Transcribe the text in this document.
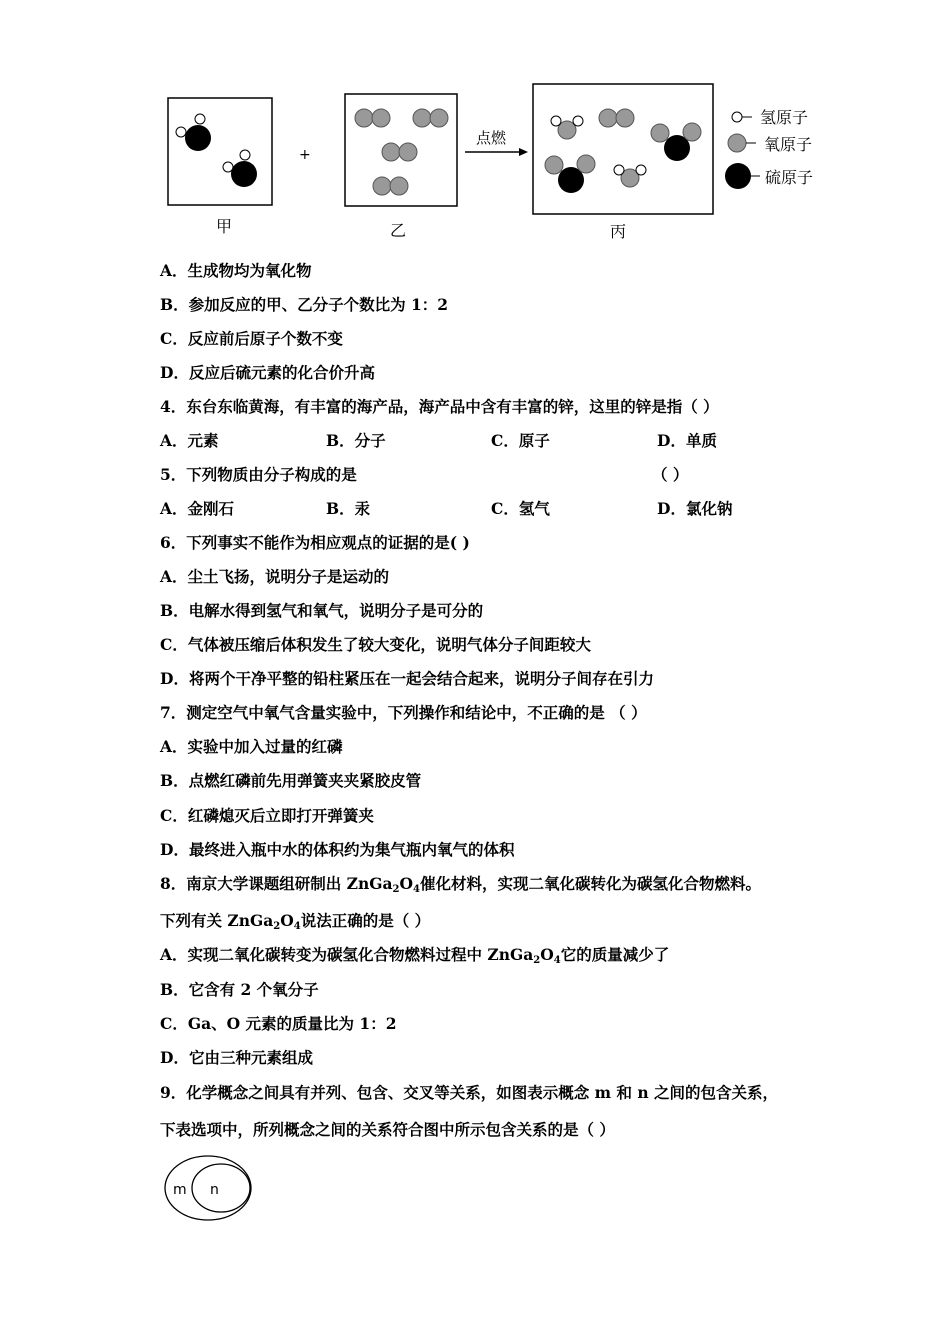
甲
+
乙
点燃
丙
氢原子
氧原子
硫原子
A．生成物均为氧化物
B．参加反应的甲、乙分子个数比为 1：2
C．反应前后原子个数不变
D．反应后硫元素的化合价升高
4．东台东临黄海，有丰富的海产品，海产品中含有丰富的锌，这里的锌是指（ ）
A．元素	B．分子	C．原子	D．单质
5．下列物质由分子构成的是	（ ）
A．金刚石	B．汞	C．氢气	D．氯化钠
6．下列事实不能作为相应观点的证据的是( )
A．尘土飞扬，说明分子是运动的
B．电解水得到氢气和氧气，说明分子是可分的
C．气体被压缩后体积发生了较大变化，说明气体分子间距较大
D．将两个干净平整的铅柱紧压在一起会结合起来，说明分子间存在引力
7．测定空气中氧气含量实验中，下列操作和结论中，不正确的是 （ ）
A．实验中加入过量的红磷
B．点燃红磷前先用弹簧夹夹紧胶皮管
C．红磷熄灭后立即打开弹簧夹
D．最终进入瓶中水的体积约为集气瓶内氧气的体积
8．南京大学课题组研制出 ZnGa2O4催化材料，实现二氧化碳转化为碳氢化合物燃料。
下列有关 ZnGa2O4说法正确的是（ ）
A．实现二氧化碳转变为碳氢化合物燃料过程中 ZnGa2O4它的质量减少了
B．它含有 2 个氧分子
C．Ga、O 元素的质量比为 1：2
D．它由三种元素组成
9．化学概念之间具有并列、包含、交叉等关系，如图表示概念 m 和 n 之间的包含关系，
下表选项中，所列概念之间的关系符合图中所示包含关系的是（ ）
m n
